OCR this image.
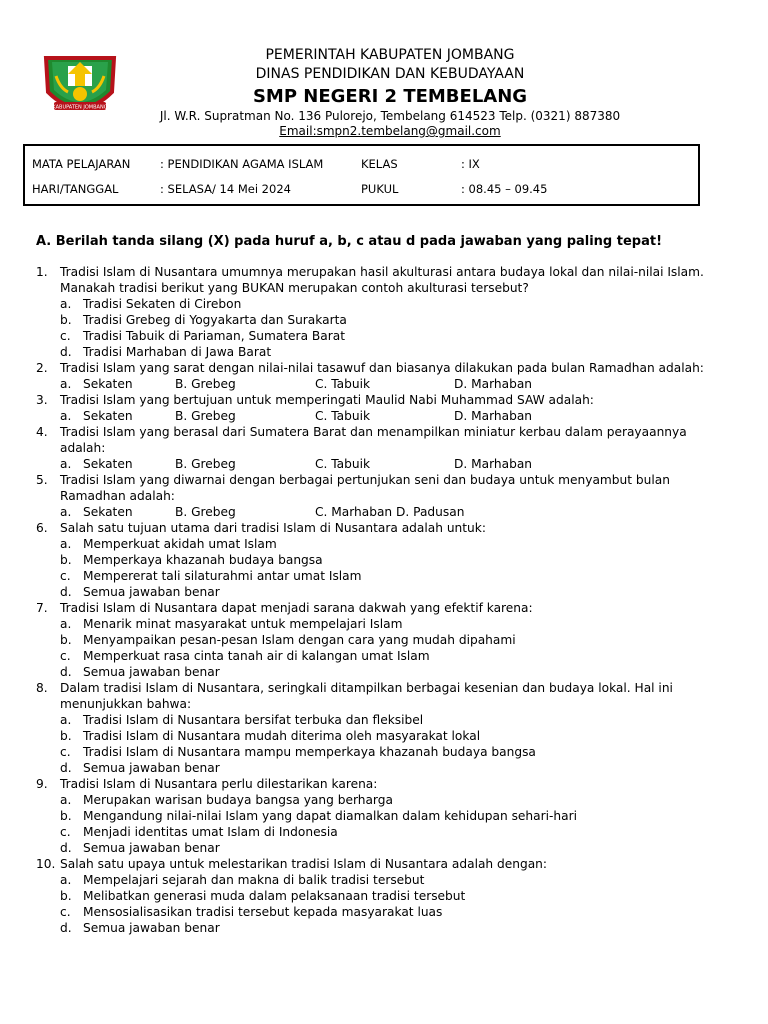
KABUPATEN JOMBANG
PEMERINTAH KABUPATEN JOMBANG
DINAS PENDIDIKAN DAN KEBUDAYAAN
SMP NEGERI 2 TEMBELANG
Jl. W.R. Supratman No. 136 Pulorejo, Tembelang 614523 Telp. (0321) 887380
Email:smpn2.tembelang@gmail.com
MATA PELAJARAN	: PENDIDIKAN AGAMA ISLAM	KELAS	: IX
HARI/TANGGAL	: SELASA/ 14 Mei 2024	PUKUL	: 08.45 – 09.45
A. Berilah tanda silang (X) pada huruf a, b, c atau d pada jawaban yang paling tepat!
1.	Tradisi Islam di Nusantara umumnya merupakan hasil akulturasi antara budaya lokal dan nilai-nilai Islam.
Manakah tradisi berikut yang BUKAN merupakan contoh akulturasi tersebut?
a. Tradisi Sekaten di Cirebon
b. Tradisi Grebeg di Yogyakarta dan Surakarta
c. Tradisi Tabuik di Pariaman, Sumatera Barat
d. Tradisi Marhaban di Jawa Barat
2.	Tradisi Islam yang sarat dengan nilai-nilai tasawuf dan biasanya dilakukan pada bulan Ramadhan adalah:
a. Sekaten	B. Grebeg	C. Tabuik	D. Marhaban
3.	Tradisi Islam yang bertujuan untuk memperingati Maulid Nabi Muhammad SAW adalah:
a. Sekaten	B. Grebeg	C. Tabuik	D. Marhaban
4.	Tradisi Islam yang berasal dari Sumatera Barat dan menampilkan miniatur kerbau dalam perayaannya
adalah:
a. Sekaten	B. Grebeg	C. Tabuik	D. Marhaban
5.	Tradisi Islam yang diwarnai dengan berbagai pertunjukan seni dan budaya untuk menyambut bulan
Ramadhan adalah:
a. Sekaten	B. Grebeg	C. Marhaban D. Padusan
6.	Salah satu tujuan utama dari tradisi Islam di Nusantara adalah untuk:
a. Memperkuat akidah umat Islam
b. Memperkaya khazanah budaya bangsa
c. Mempererat tali silaturahmi antar umat Islam
d. Semua jawaban benar
7.	Tradisi Islam di Nusantara dapat menjadi sarana dakwah yang efektif karena:
a. Menarik minat masyarakat untuk mempelajari Islam
b. Menyampaikan pesan-pesan Islam dengan cara yang mudah dipahami
c. Memperkuat rasa cinta tanah air di kalangan umat Islam
d. Semua jawaban benar
8.	Dalam tradisi Islam di Nusantara, seringkali ditampilkan berbagai kesenian dan budaya lokal. Hal ini
menunjukkan bahwa:
a. Tradisi Islam di Nusantara bersifat terbuka dan fleksibel
b. Tradisi Islam di Nusantara mudah diterima oleh masyarakat lokal
c. Tradisi Islam di Nusantara mampu memperkaya khazanah budaya bangsa
d. Semua jawaban benar
9.	Tradisi Islam di Nusantara perlu dilestarikan karena:
a. Merupakan warisan budaya bangsa yang berharga
b. Mengandung nilai-nilai Islam yang dapat diamalkan dalam kehidupan sehari-hari
c. Menjadi identitas umat Islam di Indonesia
d. Semua jawaban benar
10. Salah satu upaya untuk melestarikan tradisi Islam di Nusantara adalah dengan:
a. Mempelajari sejarah dan makna di balik tradisi tersebut
b. Melibatkan generasi muda dalam pelaksanaan tradisi tersebut
c. Mensosialisasikan tradisi tersebut kepada masyarakat luas
d. Semua jawaban benar
